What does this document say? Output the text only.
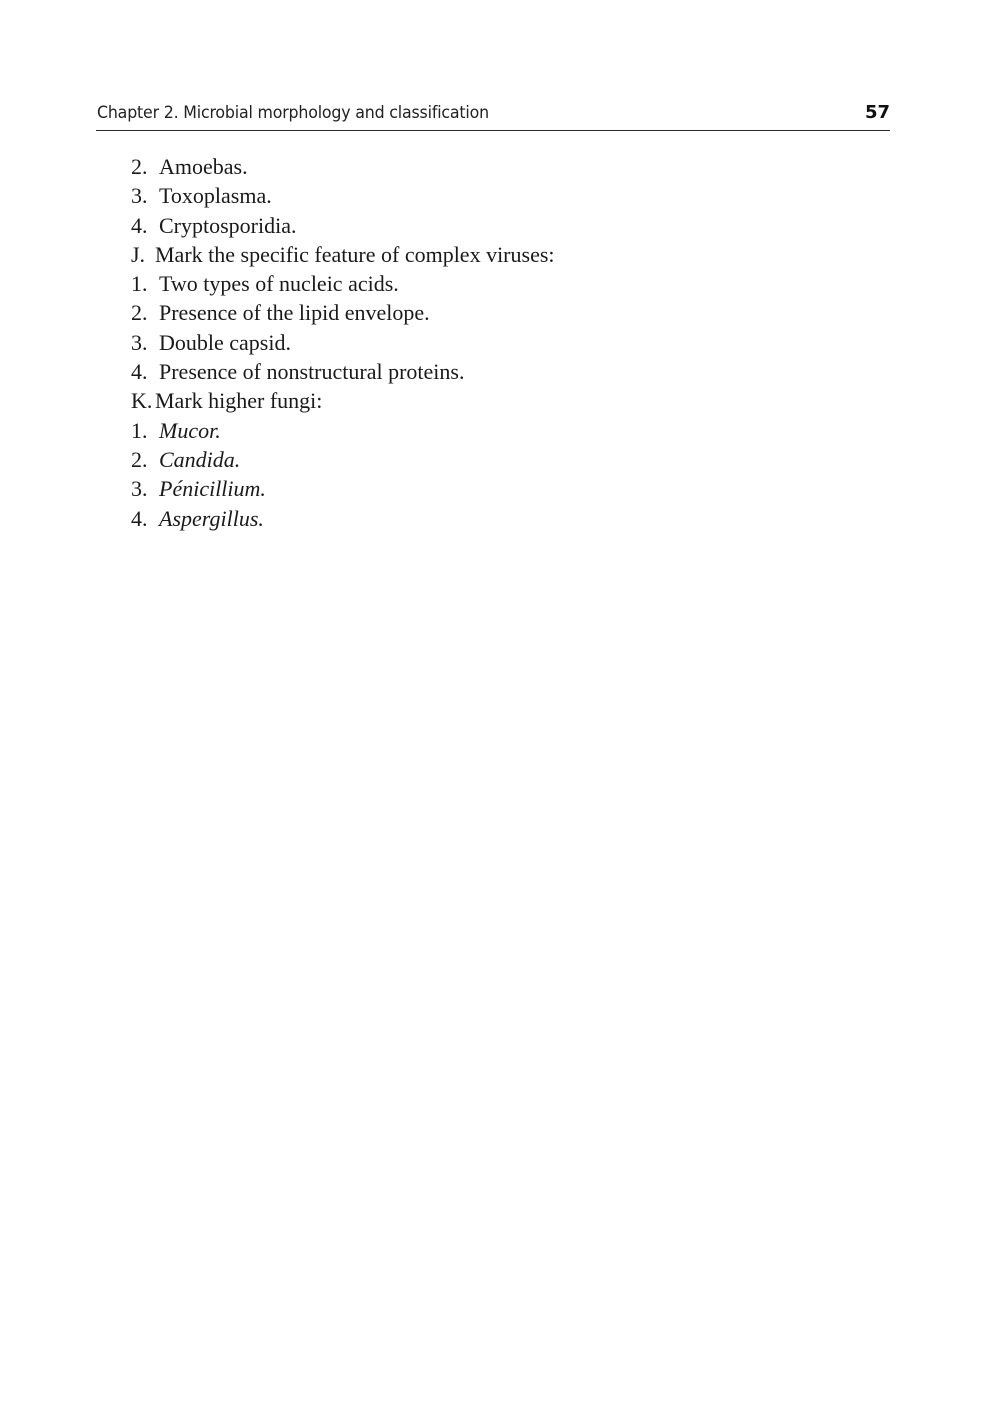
Chapter 2. Microbial morphology and classification	57
2. Amoebas.
3. Toxoplasma.
4. Cryptosporidia.
J. Mark the specific feature of complex viruses:
1. Two types of nucleic acids.
2. Presence of the lipid envelope.
3. Double capsid.
4. Presence of nonstructural proteins.
K. Mark higher fungi:
1. Mucor.
2. Candida.
3. Pénicillium.
4. Aspergillus.
